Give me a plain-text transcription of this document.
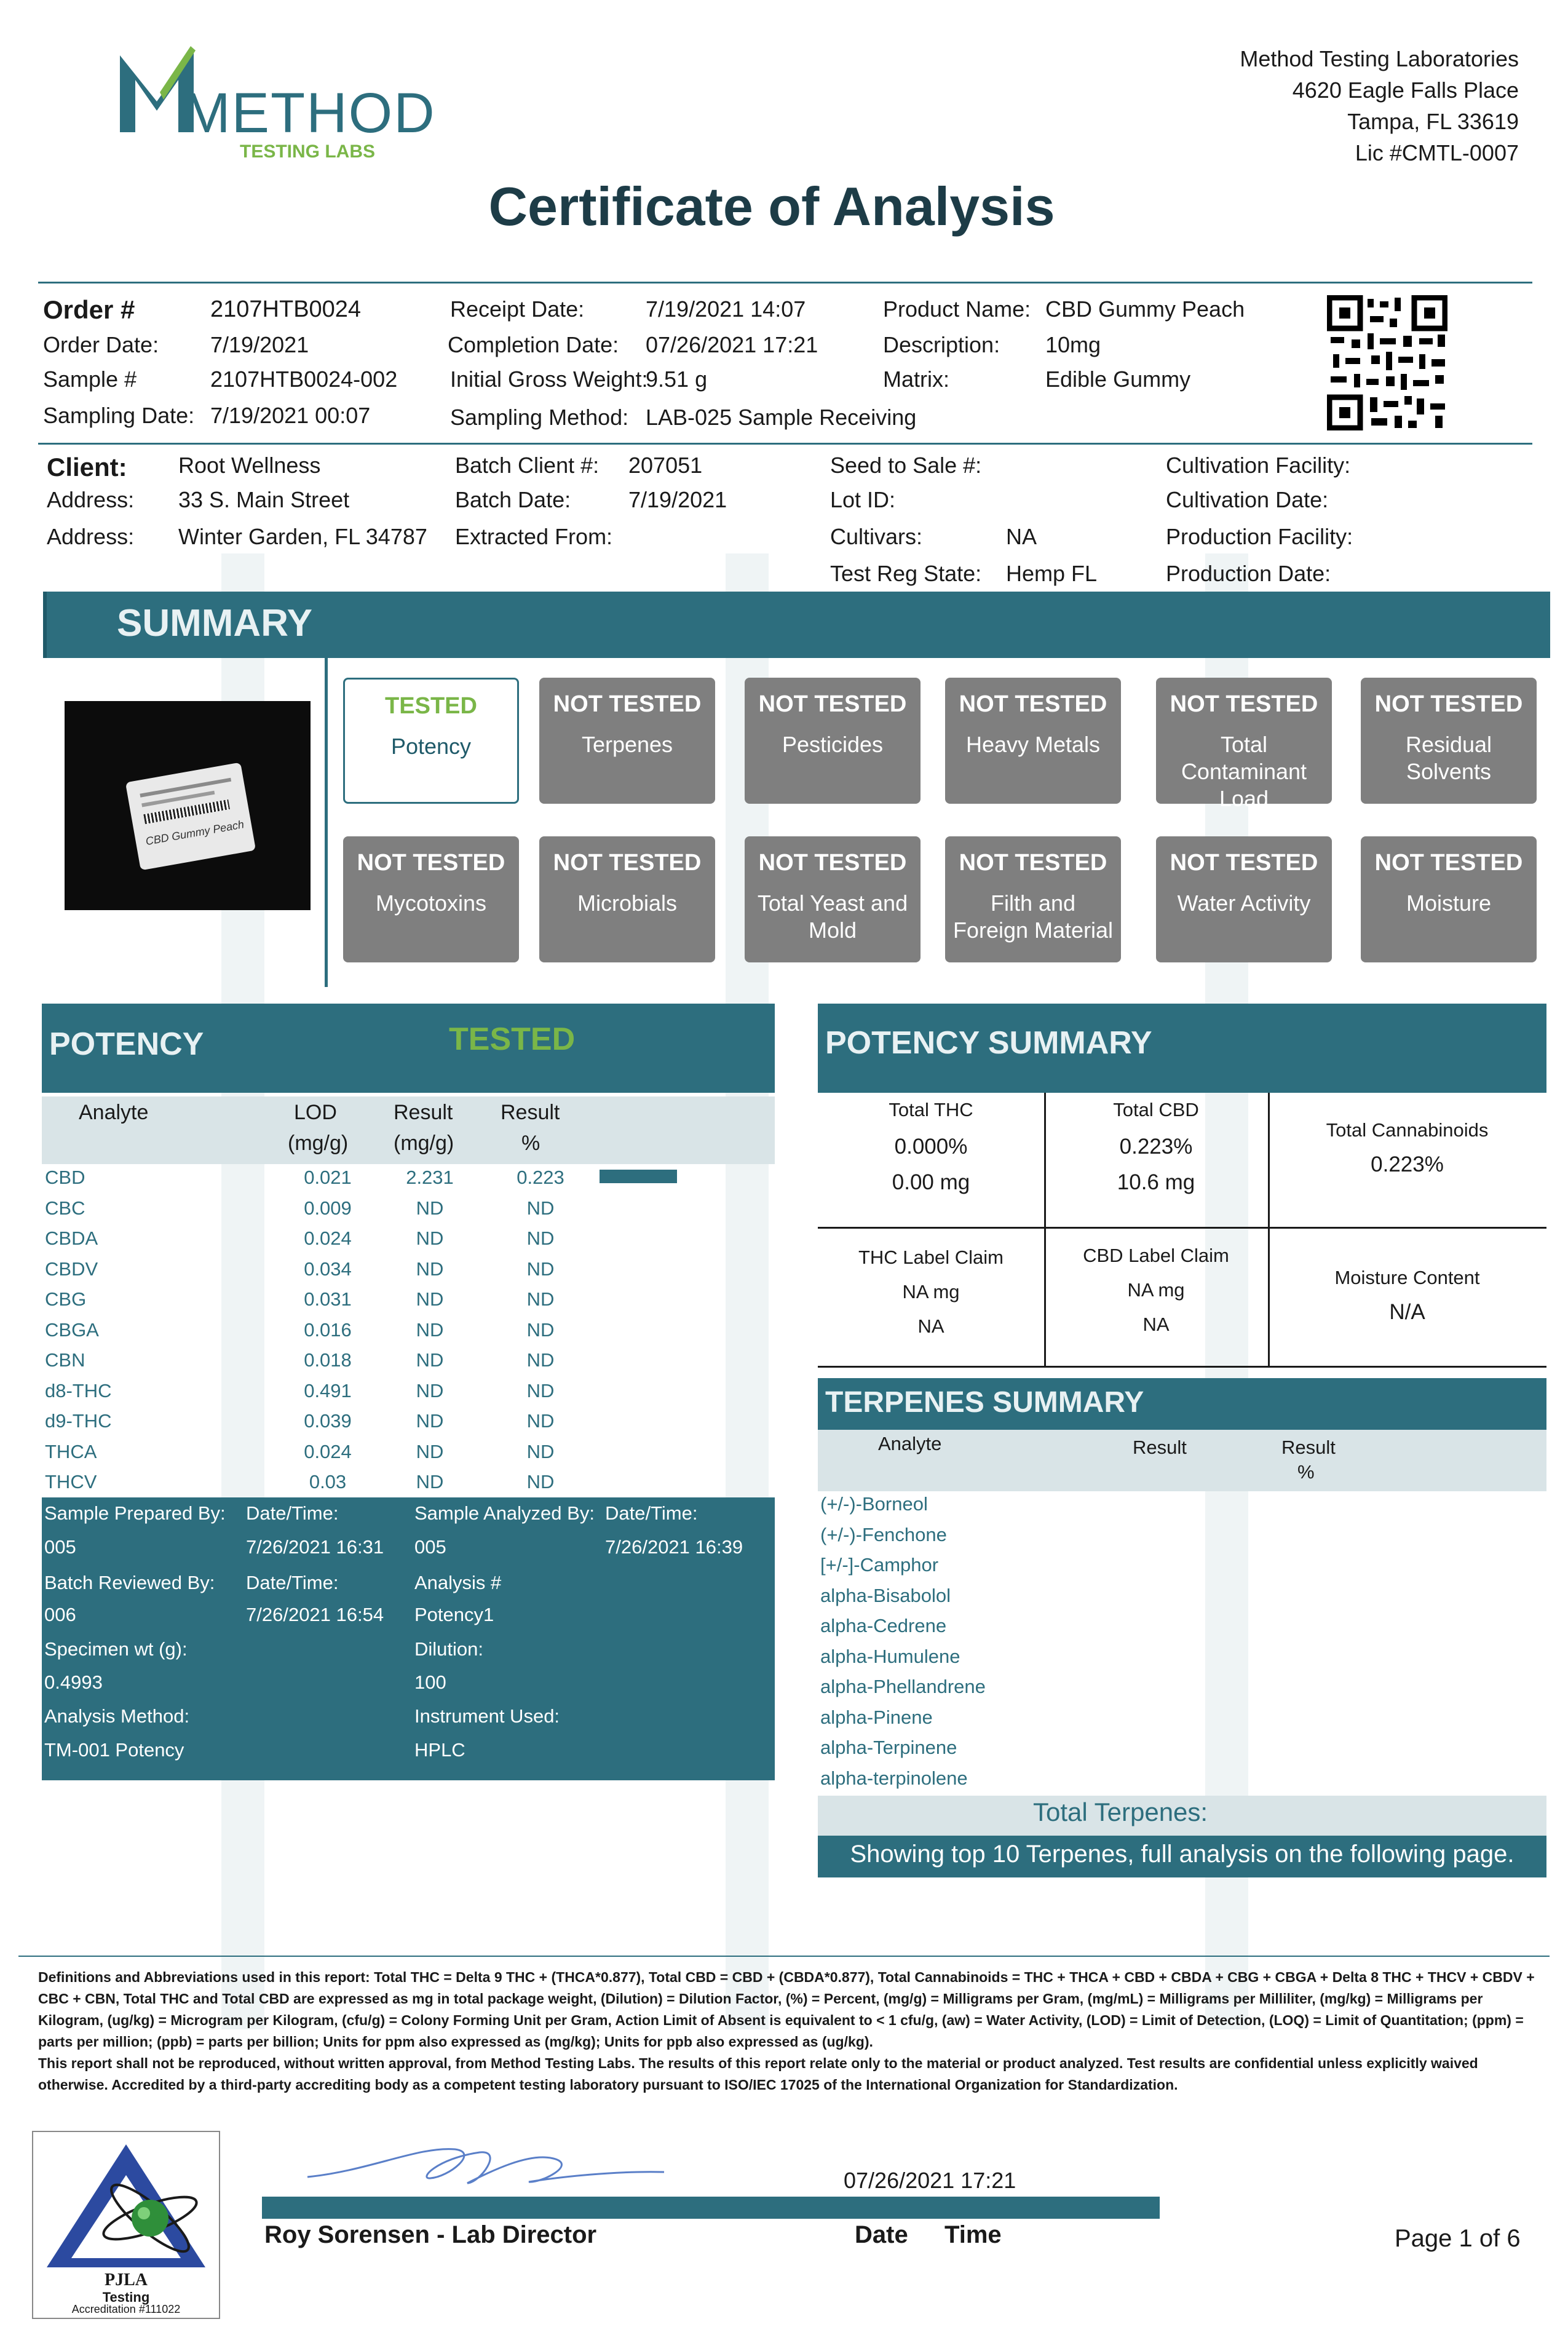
METHOD
TESTING LABS
Method Testing Laboratories
4620 Eagle Falls Place
Tampa, FL 33619
Lic #CMTL-0007
Certificate of Analysis
Order #	2107HTB0024
Order Date: 7/19/2021
Sample #	2107HTB0024-002
Sampling Date: 7/19/2021 00:07
Receipt Date:	7/19/2021 14:07
Completion Date: 07/26/2021 17:21
Initial Gross Weight:
9.51 g
Sampling Method: LAB-025 Sample Receiving
Product Name: CBD Gummy Peach
Description: 10mg
Matrix:	Edible Gummy
Client: Root Wellness
Address: 33 S. Main Street
Address: Winter Garden, FL 34787
Batch Client #: 207051
Batch Date:	7/19/2021
Extracted From:
Seed to Sale #:
Lot ID:
Cultivars:	NA
Test Reg State: Hemp FL
Cultivation Facility:
Cultivation Date:
Production Facility:
Production Date:
SUMMARY
CBD Gummy Peach
TESTED
Potency
NOT TESTED
Terpenes
NOT TESTED
Pesticides
NOT TESTED
Heavy Metals
NOT TESTED
Total Contaminant Load
NOT TESTED
Residual Solvents
NOT TESTED
Mycotoxins
NOT TESTED
Microbials
NOT TESTED
Total Yeast and Mold
NOT TESTED
Filth and Foreign Material
NOT TESTED
Water Activity
NOT TESTED
Moisture
POTENCY	TESTED
Analyte	LOD
(mg/g)
Result
(mg/g)
Result
%
CBD	0.021	2.231	0.223
CBC	0.009	ND	ND
CBDA	0.024	ND	ND
CBDV	0.034	ND	ND
CBG	0.031	ND	ND
CBGA	0.016	ND	ND
CBN	0.018	ND	ND
d8-THC	0.491	ND	ND
d9-THC	0.039	ND	ND
THCA	0.024	ND	ND
THCV	0.03	ND	ND
Sample Prepared By:
005
Date/Time:
7/26/2021 16:31
Sample Analyzed By:
005
Date/Time:
7/26/2021 16:39
Batch Reviewed By:
006
Date/Time:
7/26/2021 16:54
Analysis #
Potency1
Specimen wt (g):
0.4993
Dilution:
100
Analysis Method:
TM-001 Potency
Instrument Used:
HPLC
POTENCY SUMMARY
Total THC
0.000%
0.00 mg
Total CBD
0.223%
10.6 mg
Total Cannabinoids
0.223%
THC Label Claim
NA mg
NA
CBD Label Claim
NA mg
NA
Moisture Content
N/A
TERPENES SUMMARY
Analyte	Result	Result
%
(+/-)-Borneol
(+/-)-Fenchone
[+/-]-Camphor
alpha-Bisabolol
alpha-Cedrene
alpha-Humulene
alpha-Phellandrene
alpha-Pinene
alpha-Terpinene
alpha-terpinolene
Total Terpenes:
Showing top 10 Terpenes, full analysis on the following page.
Definitions and Abbreviations used in this report: Total THC = Delta 9 THC + (THCA*0.877), Total CBD = CBD + (CBDA*0.877), Total Cannabinoids = THC + THCA + CBD + CBDA + CBG + CBGA + Delta 8 THC + THCV + CBDV + CBC + CBN, Total THC and Total CBD are expressed as mg in total package weight, (Dilution) = Dilution Factor, (%) = Percent, (mg/g) = Milligrams per Gram, (mg/mL) = Milligrams per Milliliter, (mg/kg) = Milligrams per Kilogram, (ug/kg) = Microgram per Kilogram, (cfu/g) = Colony Forming Unit per Gram, Action Limit of Absent is equivalent to < 1 cfu/g, (aw) = Water Activity, (LOD) = Limit of Detection, (LOQ) = Limit of Quantitation; (ppm) = parts per million; (ppb) = parts per billion; Units for ppm also expressed as (mg/kg); Units for ppb also expressed as (ug/kg).
This report shall not be reproduced, without written approval, from Method Testing Labs. The results of this report relate only to the material or product analyzed. Test results are confidential unless explicitly waived otherwise. Accredited by a third-party accrediting body as a competent testing laboratory pursuant to ISO/IEC 17025 of the International Organization for Standardization.
PJLA
Testing
Accreditation #111022
07/26/2021 17:21
Roy Sorensen - Lab Director	Date Time	Page 1 of 6
